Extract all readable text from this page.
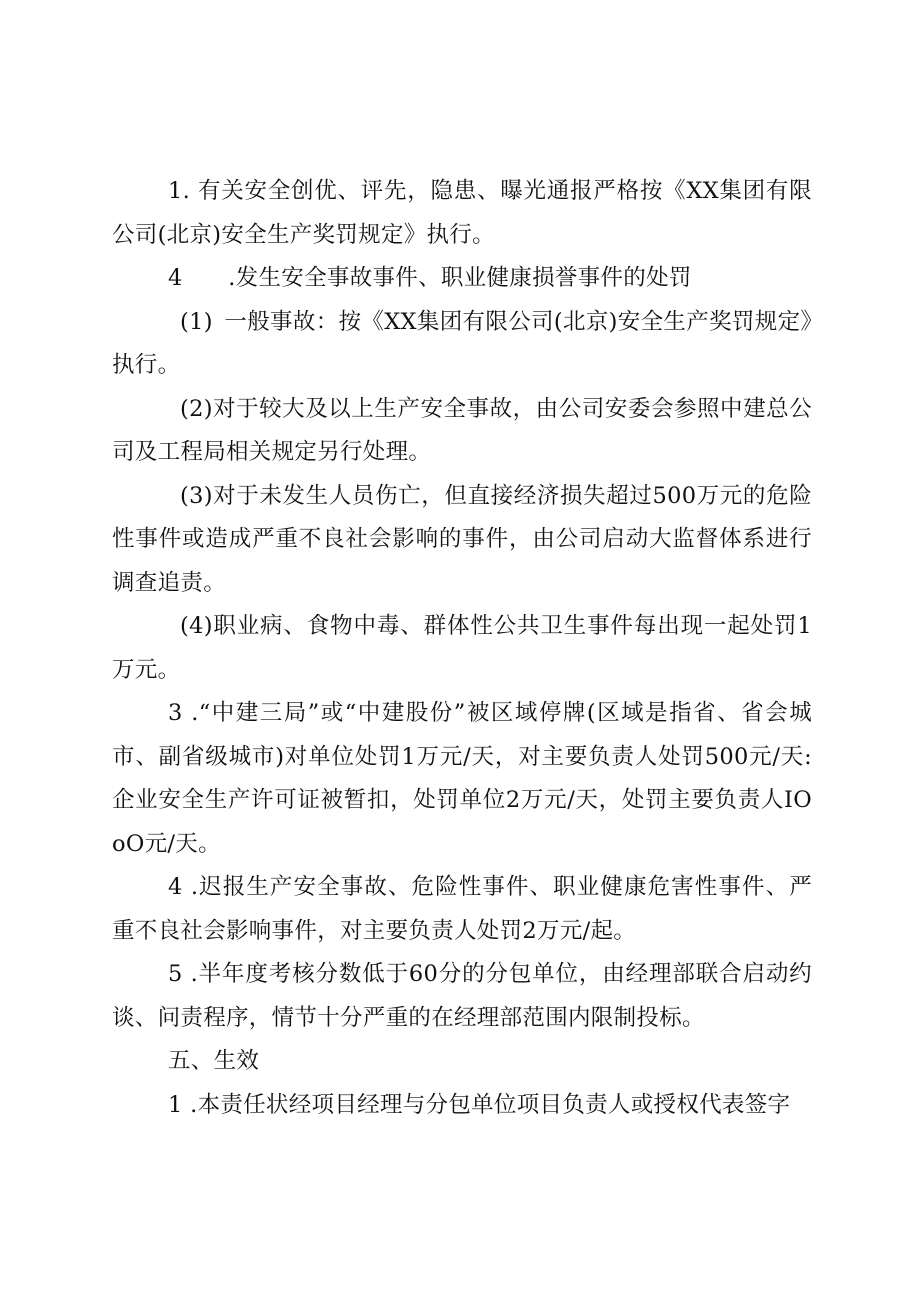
1. 有关安全创优、评先，隐患、曝光通报严格按《XX集团有限公司(北京)安全生产奖罚规定》执行。

4  .发生安全事故事件、职业健康损誉事件的处罚

(1) 一般事故：按《XX集团有限公司(北京)安全生产奖罚规定》执行。

(2)对于较大及以上生产安全事故，由公司安委会参照中建总公司及工程局相关规定另行处理。

(3)对于未发生人员伤亡，但直接经济损失超过500万元的危险性事件或造成严重不良社会影响的事件，由公司启动大监督体系进行调查追责。

(4)职业病、食物中毒、群体性公共卫生事件每出现一起处罚1万元。

3 .“中建三局”或“中建股份”被区域停牌(区域是指省、省会城市、副省级城市)对单位处罚1万元/天，对主要负责人处罚500元/天: 企业安全生产许可证被暂扣，处罚单位2万元/天，处罚主要负责人IOoO元/天。

4 .迟报生产安全事故、危险性事件、职业健康危害性事件、严重不良社会影响事件，对主要负责人处罚2万元/起。

5 .半年度考核分数低于60分的分包单位，由经理部联合启动约谈、问责程序，情节十分严重的在经理部范围内限制投标。

五、生效

1 .本责任状经项目经理与分包单位项目负责人或授权代表签字
